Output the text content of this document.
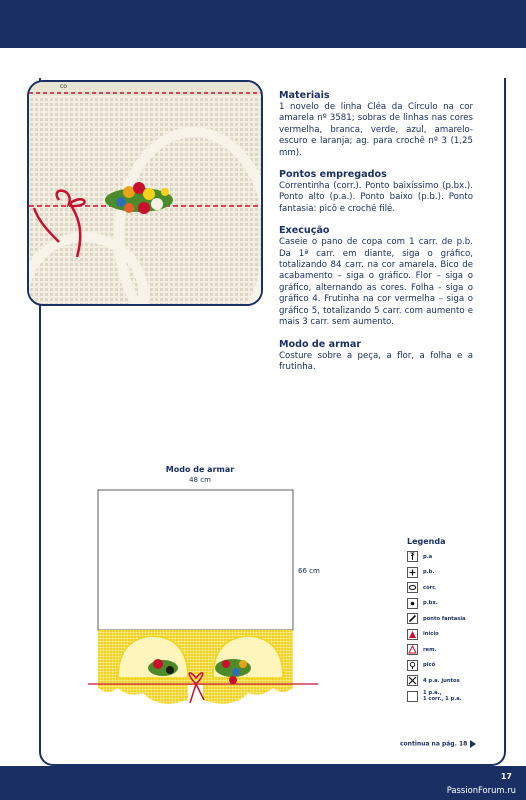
co
Materiais

1 novelo de linha Cléa da Círculo na cor amarela nº 3581; sobras de linhas nas cores vermelha, branca, verde, azul, amarelo-escuro e laranja; ag. para crochê nº 3 (1,25 mm).

Pontos empregados

Correntinha (corr.). Ponto baixíssimo (p.bx.). Ponto alto (p.a.). Ponto baixo (p.b.). Ponto fantasia: picô e crochê filé.

Execução

Caseie o pano de copa com 1 carr. de p.b. Da 1ª carr. em diante, siga o gráfico, totalizando 84 carr. na cor amarela. Bico de acabamento – siga o gráfico. Flor – siga o gráfico, alternando as cores. Folha - siga o gráfico 4. Frutinha na cor vermelha – siga o gráfico 5, totalizando 5 carr. com aumento e mais 3 carr. sem aumento.

Modo de armar

Costure sobre a peça, a flor, a folha e a frutinha.

Modo de armar
48 cm
66 cm
Legenda
p.a
p.b.
corr.
p.bx.
ponto fantasia
início
rem.
picô
4 p.a. juntos
1 p.a.,
1 corr., 1 p.a.
continua na pág. 18
17
PassionForum.ru
